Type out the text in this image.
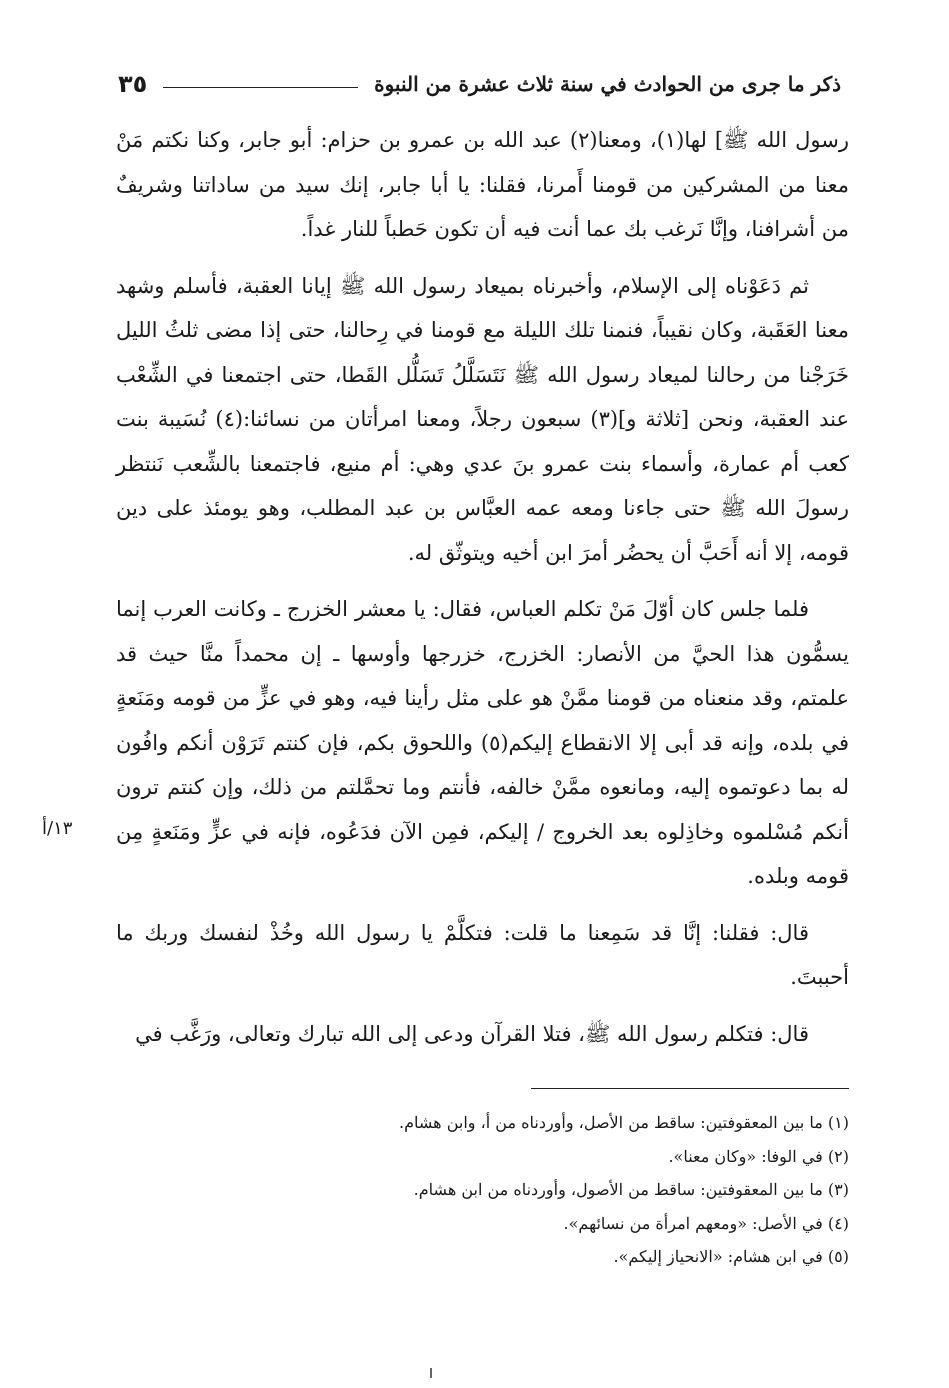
ذكر ما جرى من الحوادث في سنة ثلاث عشرة من النبوة
٣٥

رسول الله ﷺ] لها(١)، ومعنا(٢) عبد الله بن عمرو بن حزام: أبو جابر، وكنا نكتم مَنْ معنا من المشركين من قومنا أَمرنا، فقلنا: يا أبا جابر، إنك سيد من ساداتنا وشريفٌ من أشرافنا، وإنَّا نَرغب بك عما أنت فيه أن تكون حَطباً للنار غداً.

ثم دَعَوْناه إلى الإسلام، وأخبرناه بميعاد رسول الله ﷺ إيانا العقبة، فأسلم وشهد معنا العَقَبة، وكان نقيباً، فنمنا تلك الليلة مع قومنا في رِحالنا، حتى إذا مضى ثلثُ الليل خَرَجْنا من رحالنا لميعاد رسول الله ﷺ نَتَسَلَّلُ تَسَلُّل القَطا، حتى اجتمعنا في الشِّعْب عند العقبة، ونحن [ثلاثة و](٣) سبعون رجلاً، ومعنا امرأتان من نسائنا:(٤) نُسَيبة بنت كعب أم عمارة، وأسماء بنت عمرو بنَ عدي وهي: أم منيع، فاجتمعنا بالشِّعب نَنتظر رسولَ الله ﷺ حتى جاءنا ومعه عمه العبَّاس بن عبد المطلب، وهو يومئذ على دين قومه، إلا أنه أَحَبَّ أن يحضُر أمرَ ابن أخيه ويتوثّق له.

فلما جلس كان أوّلَ مَنْ تكلم العباس، فقال: يا معشر الخزرج ـ وكانت العرب إنما يسمُّون هذا الحيَّ من الأنصار: الخزرج، خزرجها وأوسها ـ إن محمداً منَّا حيث قد علمتم، وقد منعناه من قومنا ممَّنْ هو على مثل رأينا فيه، وهو في عزٍّ من قومه ومَنَعةٍ في بلده، وإنه قد أبى إلا الانقطاع إليكم(٥) واللحوق بكم، فإن كنتم تَرَوْن أنكم وافُون له بما دعوتموه إليه، ومانعوه ممَّنْ خالفه، فأنتم وما تحمَّلتم من ذلك، وإن كنتم ترون أنكم مُسْلموه وخاذِلوه بعد الخروج / إليكم، فمِن الآن فدَعُوه، فإنه في عزٍّ ومَنَعةٍ مِن قومه وبلده.

قال: فقلنا: إنَّا قد سَمِعنا ما قلت: فتكلَّمْ يا رسول الله وخُذْ لنفسك وربك ما أحببتَ.

قال: فتكلم رسول الله ﷺ، فتلا القرآن ودعى إلى الله تبارك وتعالى، ورَغَّب في

١٣/أ

(١) ما بين المعقوفتين: ساقط من الأصل، وأوردناه من أ، وابن هشام.

(٢) في الوفا: «وكان معنا».

(٣) ما بين المعقوفتين: ساقط من الأصول، وأوردناه من ابن هشام.

(٤) في الأصل: «ومعهم امرأة من نسائهم».

(٥) في ابن هشام: «الانحياز إليكم».
